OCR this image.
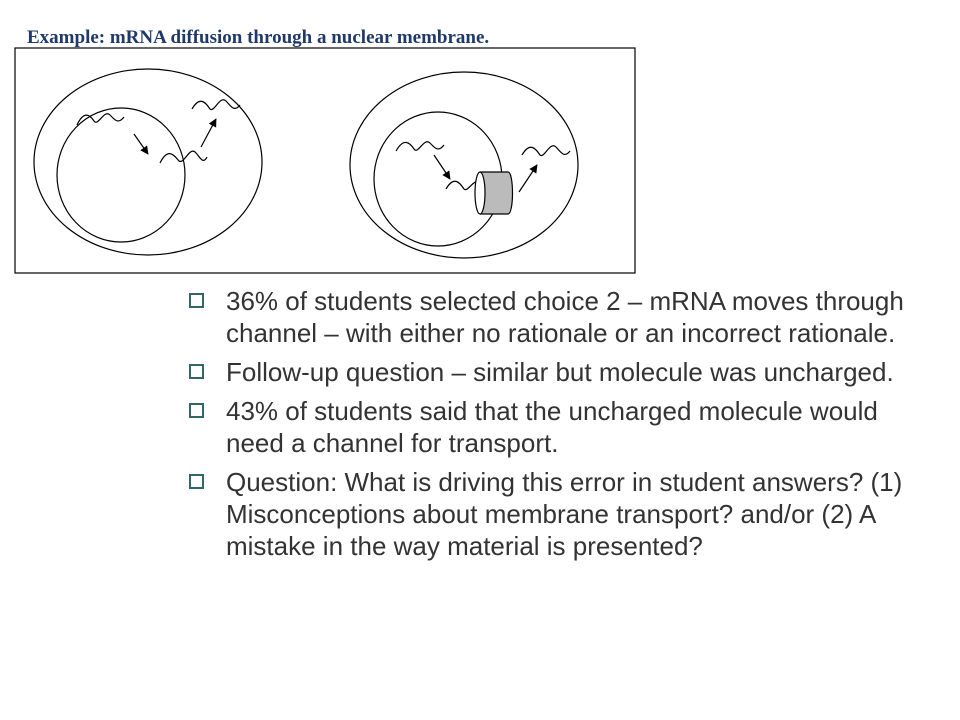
Example: mRNA diffusion through a nuclear membrane.
36% of students selected choice 2 – mRNA moves through channel – with either no rationale or an incorrect rationale.
Follow-up question – similar but molecule was uncharged.
43% of students said that the uncharged molecule would need a channel for transport.
Question: What is driving this error in student answers? (1) Misconceptions about membrane transport? and/or (2) A mistake in the way material is presented?
